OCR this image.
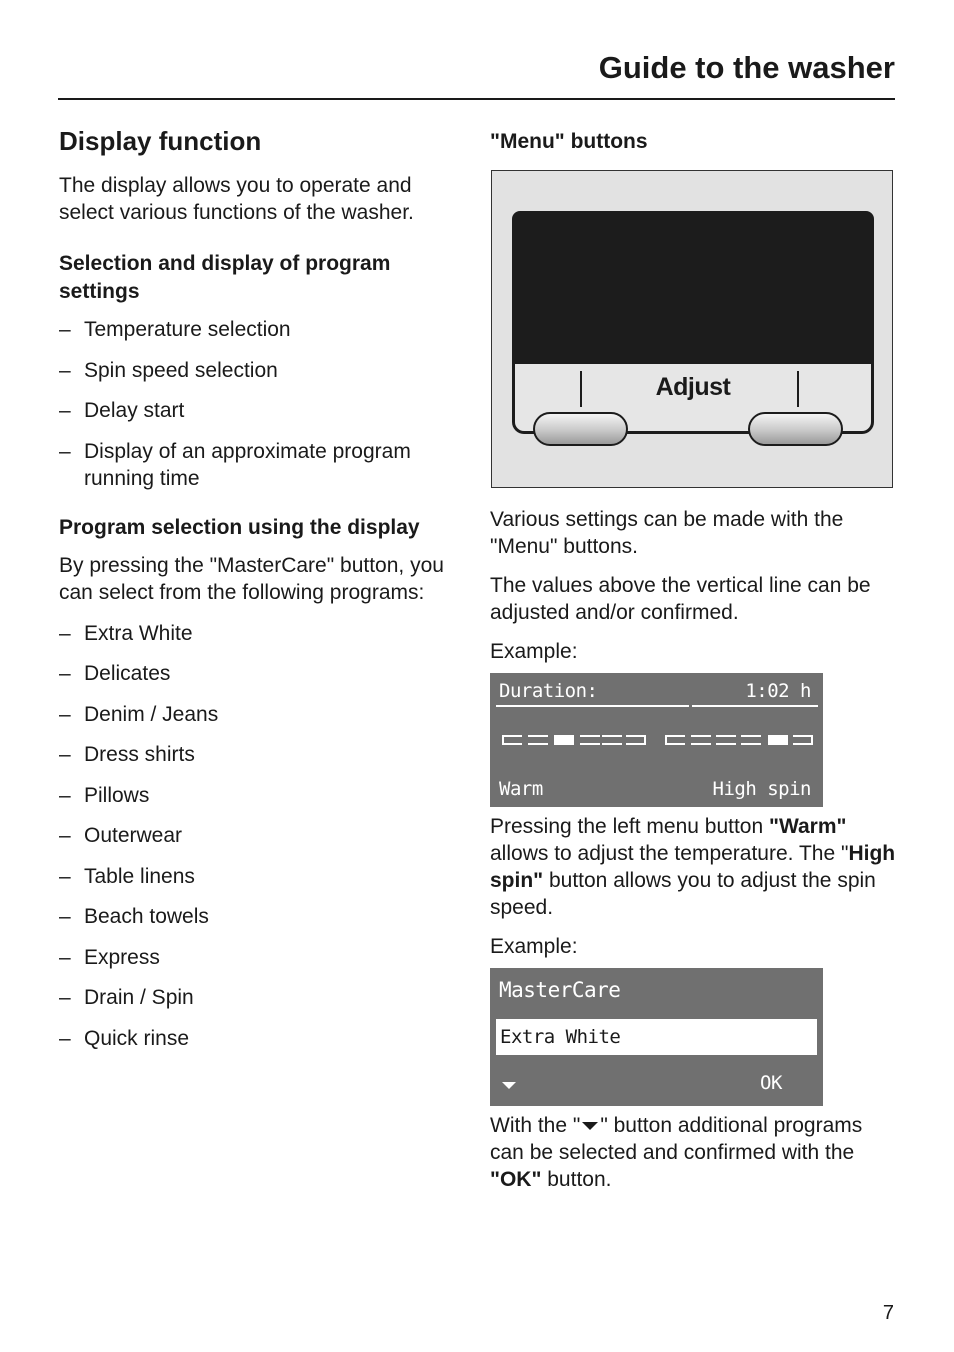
Guide to the washer
Display function

The display allows you to operate and select various functions of the washer.

Selection and display of program settings
– Temperature selection
– Spin speed selection
– Delay start
– Display of an approximate program running time
Program selection using the display

By pressing the "MasterCare" button, you can select from the following programs:

– Extra White
– Delicates
– Denim / Jeans
– Dress shirts
– Pillows
– Outerwear
– Table linens
– Beach towels
– Express
– Drain / Spin
– Quick rinse
"Menu" buttons
Adjust

Various settings can be made with the "Menu" buttons.

The values above the vertical line can be adjusted and/or confirmed.

Example:

Duration:	1:02 h
Warm	High spin

Pressing the left menu button "Warm" allows to adjust the temperature. The "High spin" button allows you to adjust the spin speed.

Example:

MasterCare
Extra White
OK

With the " " button additional programs can be selected and confirmed with the "OK" button.

7
